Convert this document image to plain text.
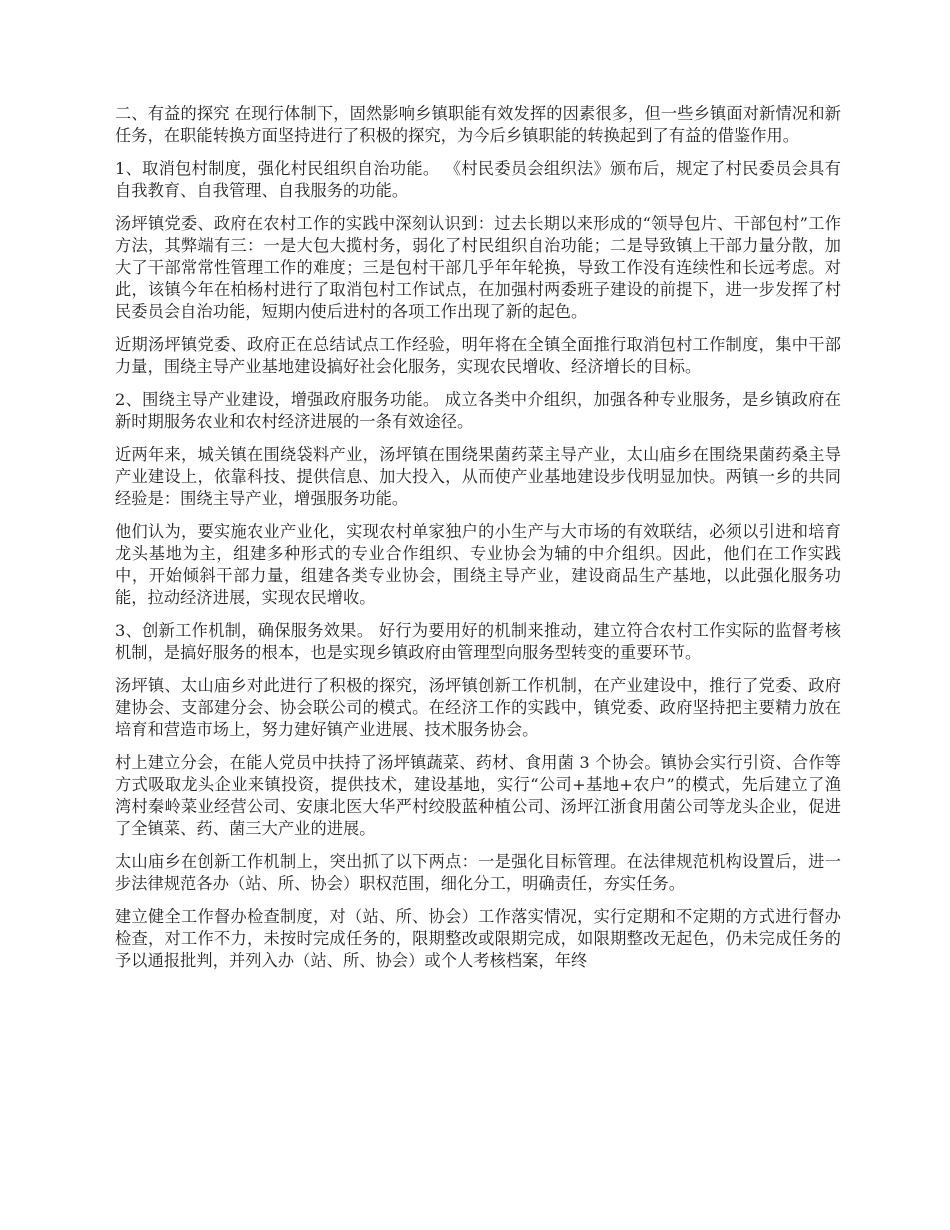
二、有益的探究 在现行体制下，固然影响乡镇职能有效发挥的因素很多，但一些乡镇面对新情况和新任务，在职能转换方面坚持进行了积极的探究，为今后乡镇职能的转换起到了有益的借鉴作用。

1、取消包村制度，强化村民组织自治功能。 《村民委员会组织法》颁布后，规定了村民委员会具有自我教育、自我管理、自我服务的功能。

汤坪镇党委、政府在农村工作的实践中深刻认识到：过去长期以来形成的“领导包片、干部包村”工作方法，其弊端有三：一是大包大揽村务，弱化了村民组织自治功能；二是导致镇上干部力量分散，加大了干部常常性管理工作的难度；三是包村干部几乎年年轮换，导致工作没有连续性和长远考虑。对此，该镇今年在柏杨村进行了取消包村工作试点，在加强村两委班子建设的前提下，进一步发挥了村民委员会自治功能，短期内使后进村的各项工作出现了新的起色。

近期汤坪镇党委、政府正在总结试点工作经验，明年将在全镇全面推行取消包村工作制度，集中干部力量，围绕主导产业基地建设搞好社会化服务，实现农民增收、经济增长的目标。

2、围绕主导产业建设，增强政府服务功能。 成立各类中介组织，加强各种专业服务，是乡镇政府在新时期服务农业和农村经济进展的一条有效途径。

近两年来，城关镇在围绕袋料产业，汤坪镇在围绕果菌药菜主导产业，太山庙乡在围绕果菌药桑主导产业建设上，依靠科技、提供信息、加大投入，从而使产业基地建设步伐明显加快。两镇一乡的共同经验是：围绕主导产业，增强服务功能。

他们认为，要实施农业产业化，实现农村单家独户的小生产与大市场的有效联结，必须以引进和培育龙头基地为主，组建多种形式的专业合作组织、专业协会为辅的中介组织。因此，他们在工作实践中，开始倾斜干部力量，组建各类专业协会，围绕主导产业，建设商品生产基地，以此强化服务功能，拉动经济进展，实现农民增收。

3、创新工作机制，确保服务效果。 好行为要用好的机制来推动，建立符合农村工作实际的监督考核机制，是搞好服务的根本，也是实现乡镇政府由管理型向服务型转变的重要环节。

汤坪镇、太山庙乡对此进行了积极的探究，汤坪镇创新工作机制，在产业建设中，推行了党委、政府建协会、支部建分会、协会联公司的模式。在经济工作的实践中，镇党委、政府坚持把主要精力放在培育和营造市场上，努力建好镇产业进展、技术服务协会。

村上建立分会，在能人党员中扶持了汤坪镇蔬菜、药材、食用菌 3 个协会。镇协会实行引资、合作等方式吸取龙头企业来镇投资，提供技术，建设基地，实行“公司+基地+农户”的模式，先后建立了渔湾村秦岭菜业经营公司、安康北医大华严村绞股蓝种植公司、汤坪江浙食用菌公司等龙头企业，促进了全镇菜、药、菌三大产业的进展。

太山庙乡在创新工作机制上，突出抓了以下两点：一是强化目标管理。在法律规范机构设置后，进一步法律规范各办（站、所、协会）职权范围，细化分工，明确责任，夯实任务。

建立健全工作督办检查制度，对（站、所、协会）工作落实情况，实行定期和不定期的方式进行督办检查，对工作不力，未按时完成任务的，限期整改或限期完成，如限期整改无起色，仍未完成任务的予以通报批判，并列入办（站、所、协会）或个人考核档案，年终
